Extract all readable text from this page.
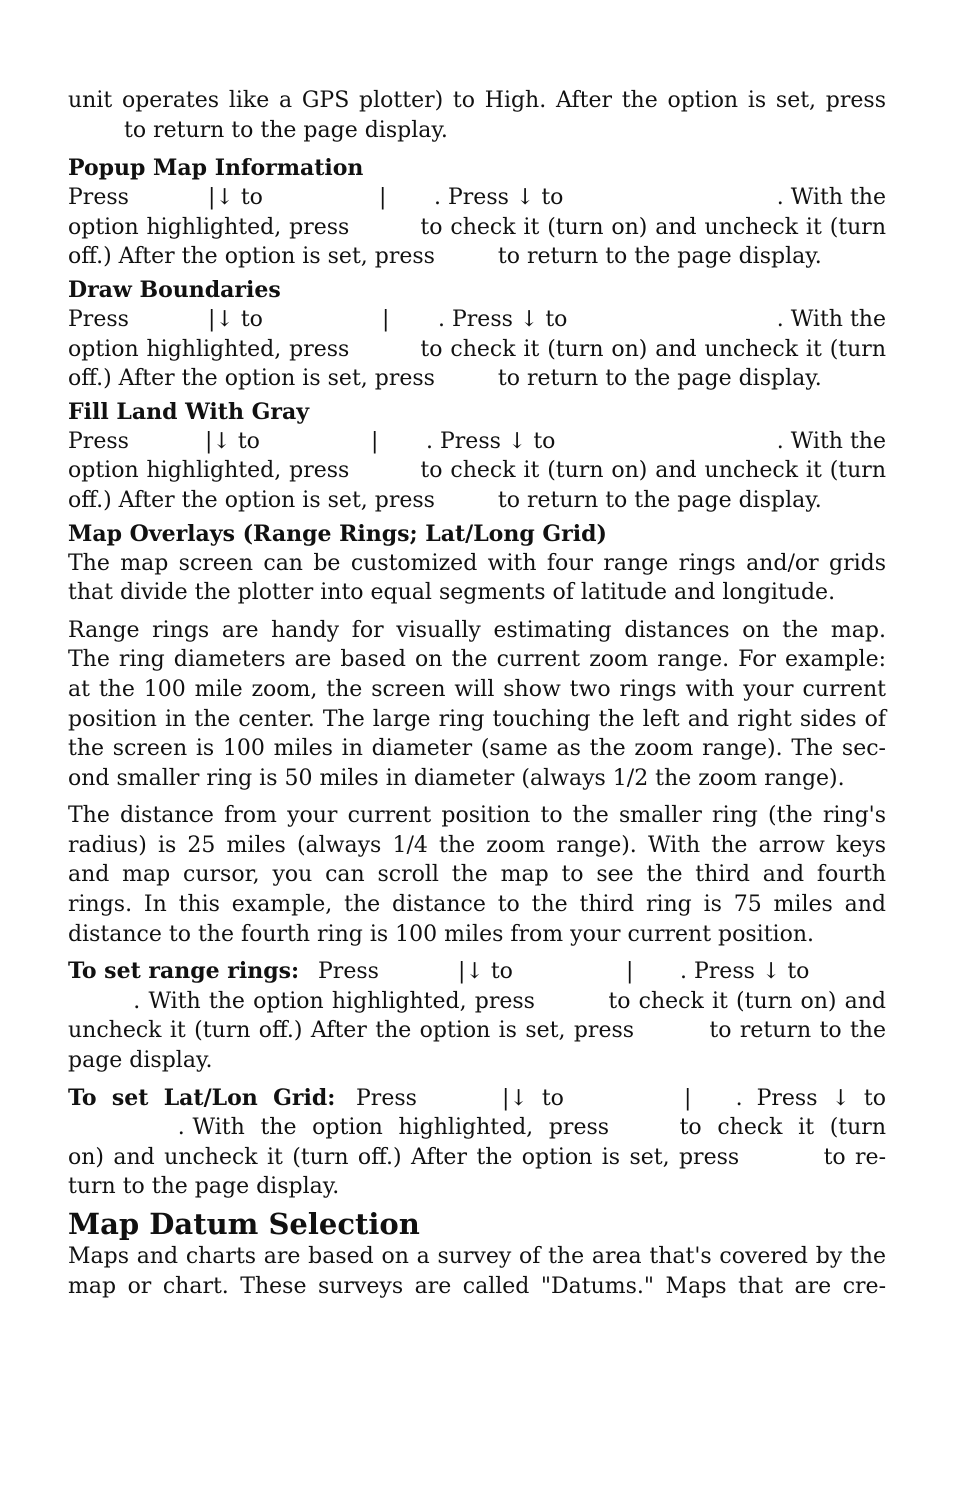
unit operates like a GPS plotter) to High. After the option is set, press
to return to the page display.
Popup Map Information

Press

	|↓ to

	|

. Press ↓ to

	. With the

option highlighted, press         to check it (turn on) and uncheck it (turn
off.) After the option is set, press         to return to the page display.
Draw Boundaries

Press

	|↓ to

	|

. Press ↓ to

	. With the

option highlighted, press         to check it (turn on) and uncheck it (turn
off.) After the option is set, press         to return to the page display.
Fill Land With Gray

Press

	|↓ to

	|

. Press ↓ to

	. With the

option highlighted, press         to check it (turn on) and uncheck it (turn
off.) After the option is set, press         to return to the page display.
Map Overlays (Range Rings; Lat/Long Grid)
The map screen can be customized with four range rings and/or grids
that divide the plotter into equal segments of latitude and longitude.
Range rings are handy for visually estimating distances on the map.
The ring diameters are based on the current zoom range. For example:
at the 100 mile zoom, the screen will show two rings with your current
position in the center. The large ring touching the left and right sides of
the screen is 100 miles in diameter (same as the zoom range). The sec-
ond smaller ring is 50 miles in diameter (always 1/2 the zoom range).
The distance from your current position to the smaller ring (the ring's
radius) is 25 miles (always 1/4 the zoom range). With the arrow keys
and map cursor, you can scroll the map to see the third and fourth
rings. In this example, the distance to the third ring is 75 miles and
distance to the fourth ring is 100 miles from your current position.

To set range rings:

Press

	|↓ to

	|

. Press ↓ to

. With the option highlighted, press         to check it (turn on) and
uncheck it (turn off.) After the option is set, press         to return to the
page display.

To  set  Lat/Lon  Grid:

Press

	|↓  to

	|

.  Press  ↓  to

. With  the  option  highlighted,  press         to  check  it  (turn
on) and uncheck it (turn off.) After the option is set, press         to re-
turn to the page display.
Map Datum Selection
Maps and charts are based on a survey of the area that's covered by the
map or chart. These surveys are called "Datums." Maps that are cre-
